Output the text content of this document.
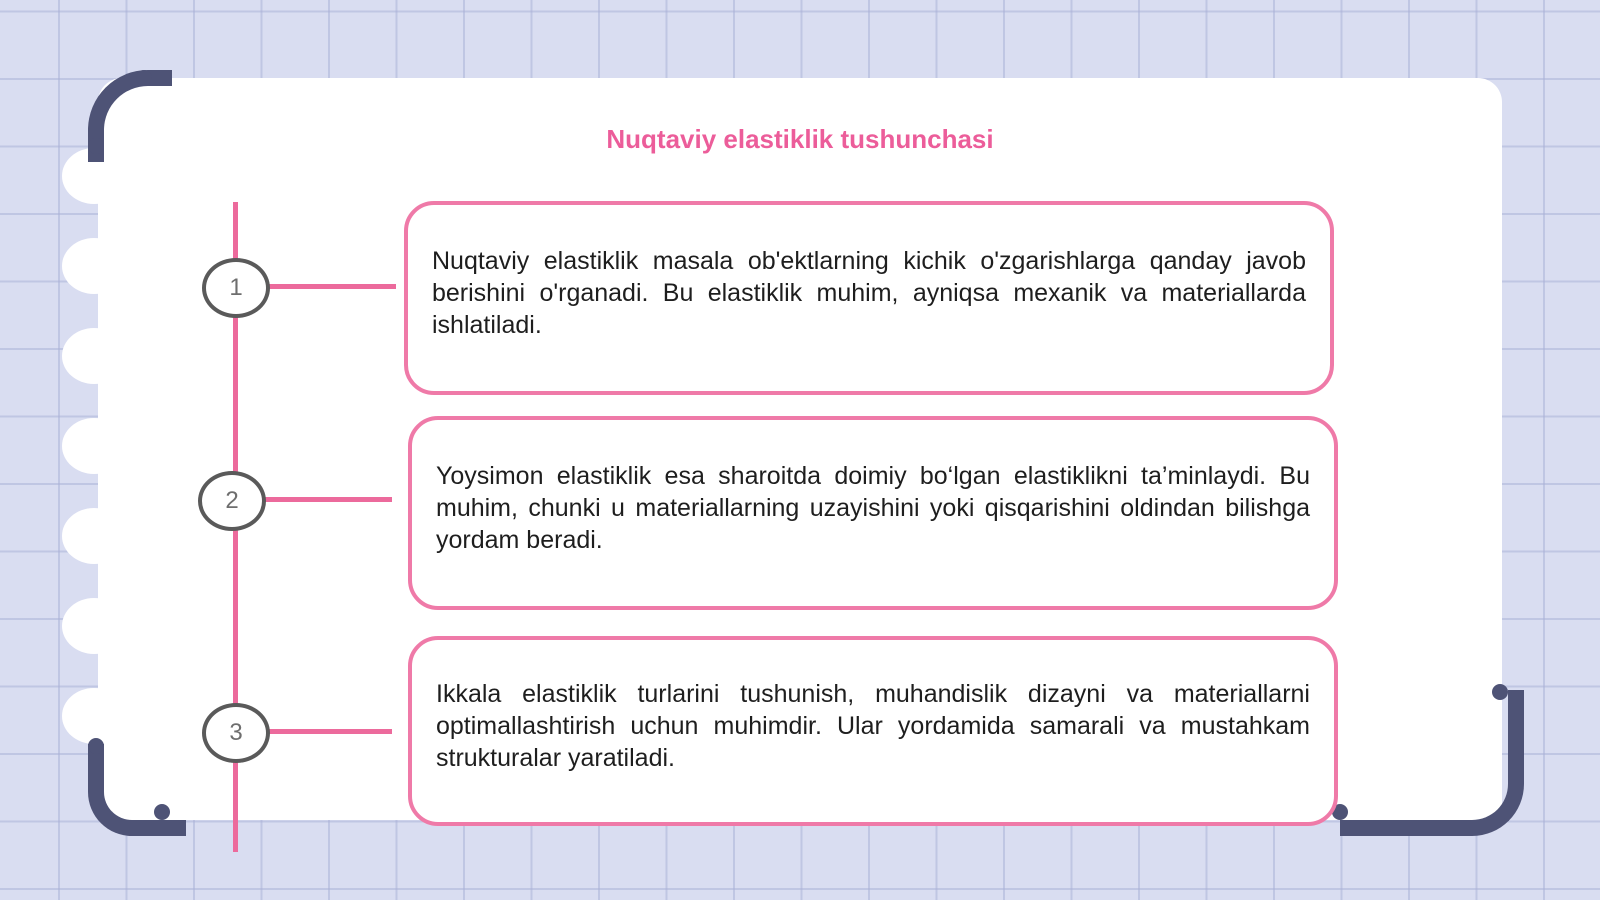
Nuqtaviy elastiklik tushunchasi
1
2
3

Nuqtaviy elastiklik masala ob'ektlarning kichik o'zgarishlarga qanday javob berishini o'rganadi. Bu elastiklik muhim, ayniqsa mexanik va materiallarda ishlatiladi.

Yoysimon elastiklik esa sharoitda doimiy bo‘lgan elastiklikni ta’minlaydi. Bu muhim, chunki u materiallarning uzayishini yoki qisqarishini oldindan bilishga yordam beradi.

Ikkala elastiklik turlarini tushunish, muhandislik dizayni va materiallarni optimallashtirish uchun muhimdir. Ular yordamida samarali va mustahkam strukturalar yaratiladi.
